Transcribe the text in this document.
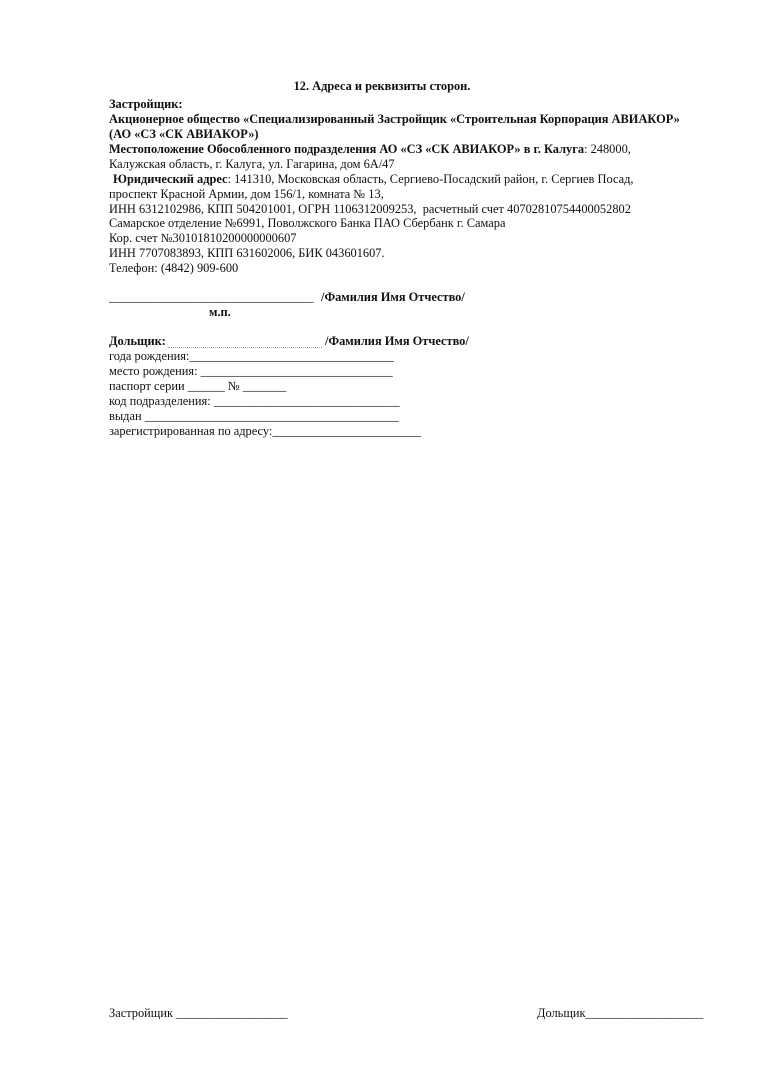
12. Адреса и реквизиты сторон.
Застройщик:
Акционерное общество «Специализированный Застройщик «Строительная Корпорация АВИАКОР»
(АО «СЗ «СК АВИАКОР»)
Местоположение Обособленного подразделения АО «СЗ «СК АВИАКОР» в г. Калуга: 248000,
Калужская область, г. Калуга, ул. Гагарина, дом 6А/47
Юридический адрес: 141310, Московская область, Сергиево-Посадский район, г. Сергиев Посад,
проспект Красной Армии, дом 156/1, комната № 13,
ИНН 6312102986, КПП 504201001, ОГРН 1106312009253,  расчетный счет 40702810754400052802
Самарское отделение №6991, Поволжского Банка ПАО Сбербанк г. Самара
Кор. счет №30101810200000000607
ИНН 7707083893, КПП 631602006, БИК 043601607.
Телефон: (4842) 909-600
_________________________________ /Фамилия Имя Отчество/
м.п.
Дольщик:	/Фамилия Имя Отчество/
года рождения:_________________________________
место рождения: _______________________________
паспорт серии ______ № _______
код подразделения: ______________________________
выдан _________________________________________
зарегистрированная по адресу:________________________
Застройщик __________________	Дольщик___________________
